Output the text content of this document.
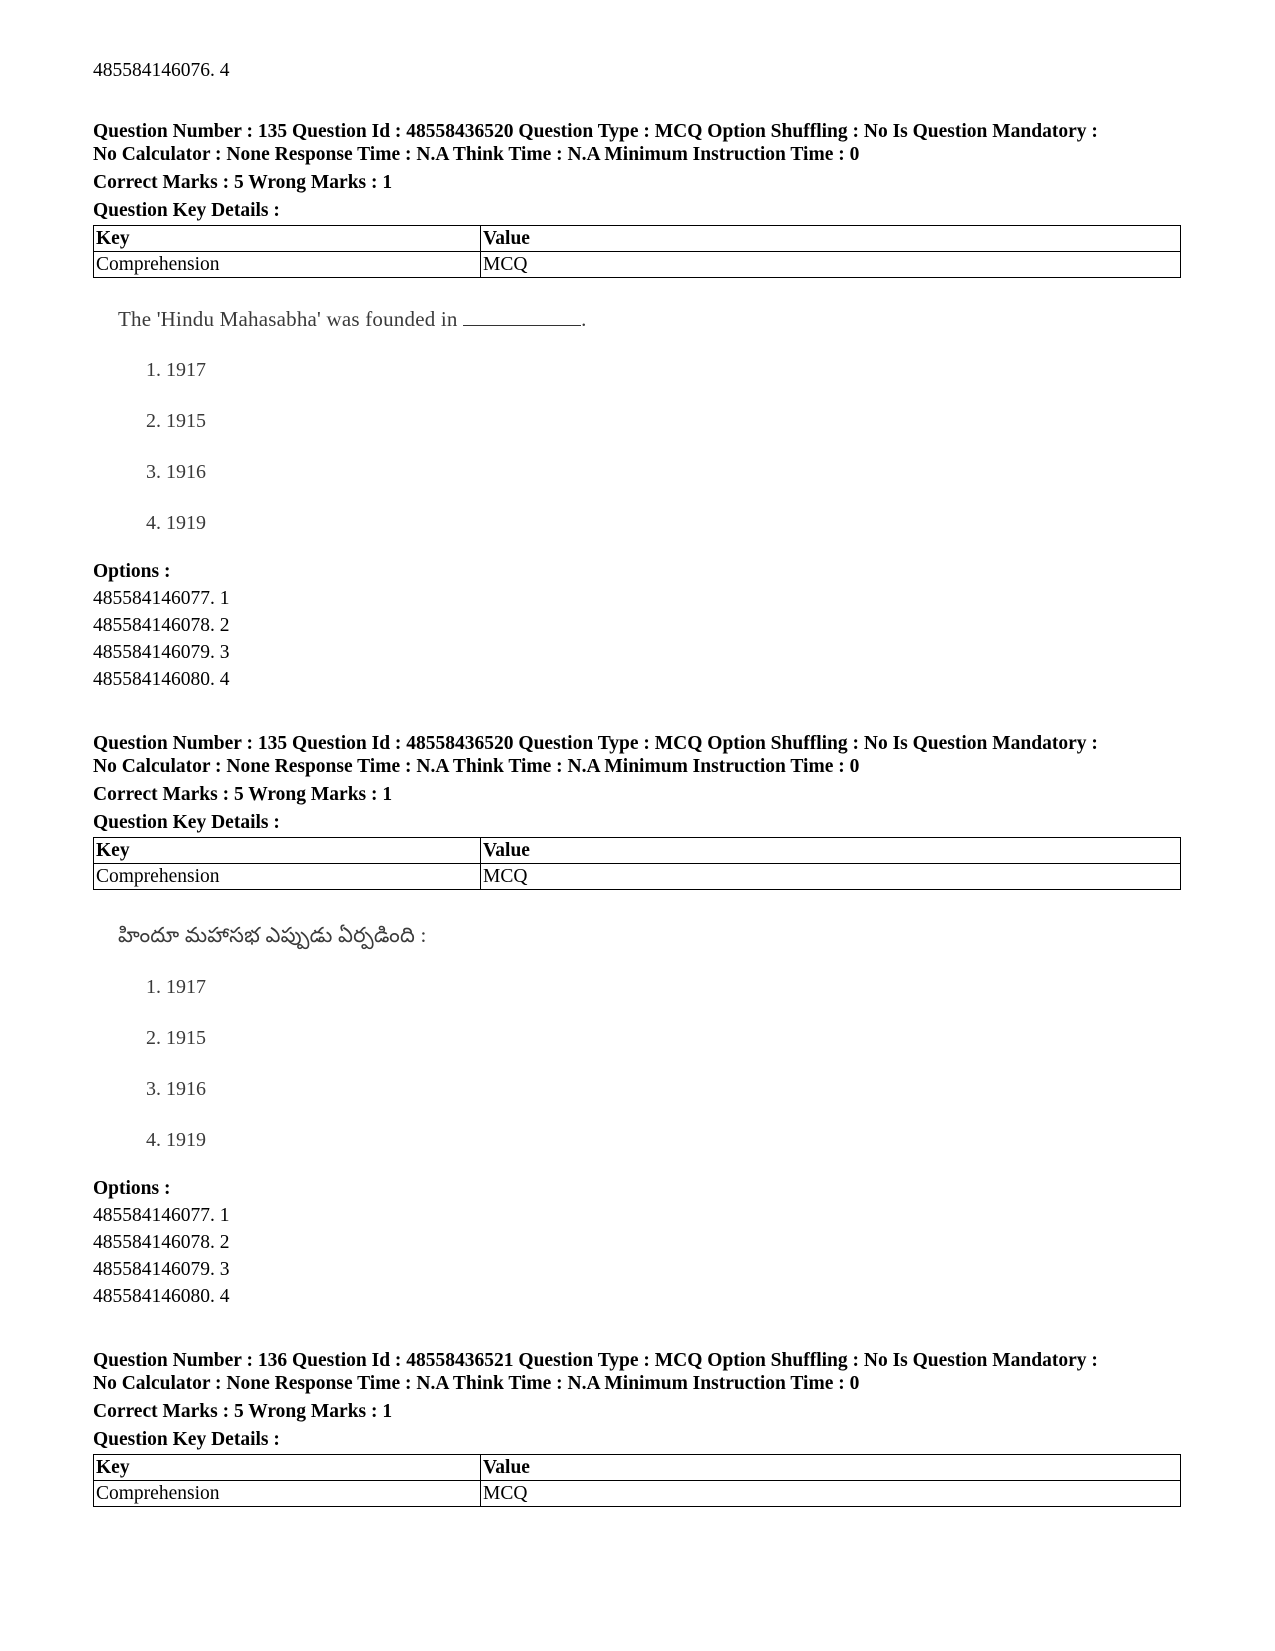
485584146076. 4
Question Number : 135 Question Id : 48558436520 Question Type : MCQ Option Shuffling : No Is Question Mandatory :
No Calculator : None Response Time : N.A Think Time : N.A Minimum Instruction Time : 0
Correct Marks : 5 Wrong Marks : 1
Question Key Details :
Key	Value
Comprehension	MCQ
The 'Hindu Mahasabha' was founded in	.
1. 1917
2. 1915
3. 1916
4. 1919
Options :
485584146077. 1
485584146078. 2
485584146079. 3
485584146080. 4
Question Number : 135 Question Id : 48558436520 Question Type : MCQ Option Shuffling : No Is Question Mandatory :
No Calculator : None Response Time : N.A Think Time : N.A Minimum Instruction Time : 0
Correct Marks : 5 Wrong Marks : 1
Question Key Details :
Key	Value
Comprehension	MCQ
హిందూ మహాసభ ఎప్పుడు ఏర్పడింది :
1. 1917
2. 1915
3. 1916
4. 1919
Options :
485584146077. 1
485584146078. 2
485584146079. 3
485584146080. 4
Question Number : 136 Question Id : 48558436521 Question Type : MCQ Option Shuffling : No Is Question Mandatory :
No Calculator : None Response Time : N.A Think Time : N.A Minimum Instruction Time : 0
Correct Marks : 5 Wrong Marks : 1
Question Key Details :
Key	Value
Comprehension	MCQ
